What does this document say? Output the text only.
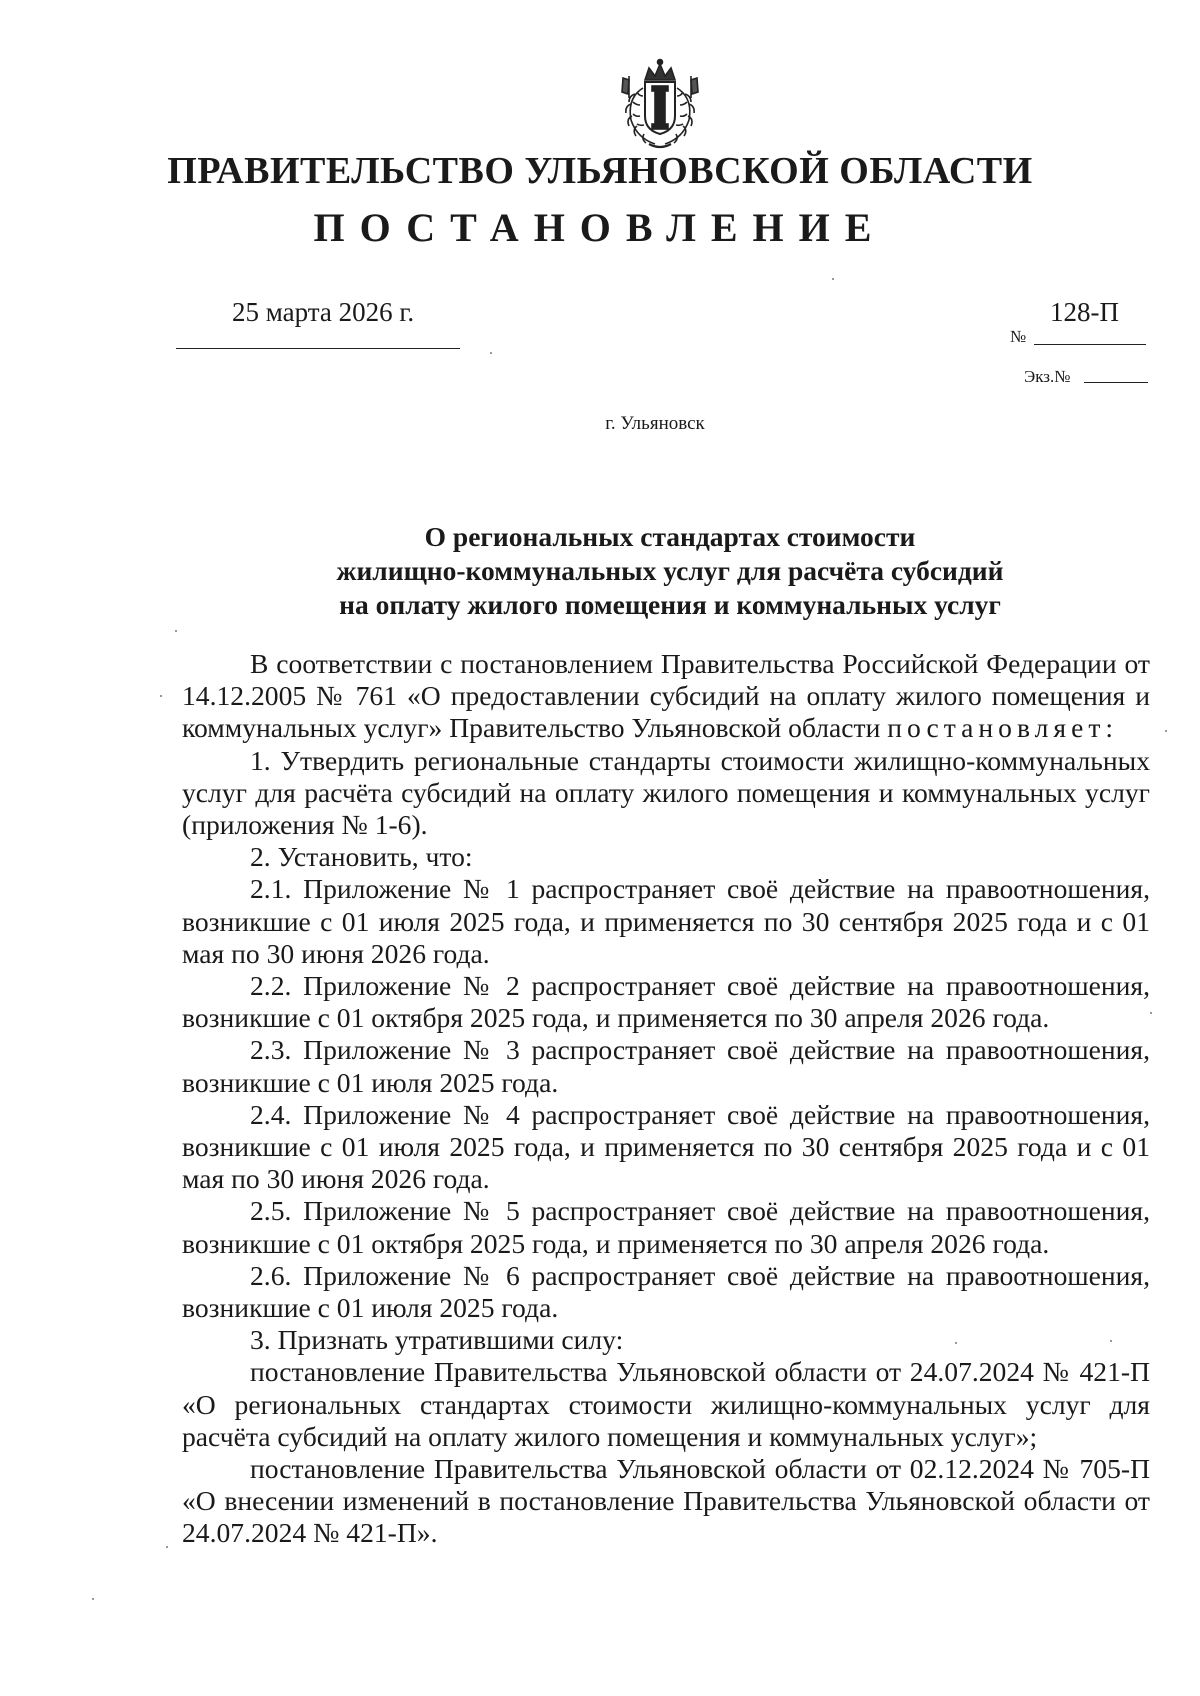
ПРАВИТЕЛЬСТВО УЛЬЯНОВСКОЙ ОБЛАСТИ
ПОСТАНОВЛЕНИЕ
25 марта 2026 г.	128-П
№
Экз.№
г. Ульяновск
О региональных стандартах стоимости
жилищно-коммунальных услуг для расчёта субсидий
на оплату жилого помещения и коммунальных услуг

В соответствии с постановлением Правительства Российской Федерации от 14.12.2005 № 761 «О предоставлении субсидий на оплату жилого помещения и коммунальных услуг» Правительство Ульяновской области постановляет:

1. Утвердить региональные стандарты стоимости жилищно-коммунальных услуг для расчёта субсидий на оплату жилого помещения и коммунальных услуг (приложения № 1-6).

2. Установить, что:

2.1. Приложение № 1 распространяет своё действие на правоотношения, возникшие с 01 июля 2025 года, и применяется по 30 сентября 2025 года и с 01 мая по 30 июня 2026 года.

2.2. Приложение № 2 распространяет своё действие на правоотношения, возникшие с 01 октября 2025 года, и применяется по 30 апреля 2026 года.

2.3. Приложение № 3 распространяет своё действие на правоотношения, возникшие с 01 июля 2025 года.

2.4. Приложение № 4 распространяет своё действие на правоотношения, возникшие с 01 июля 2025 года, и применяется по 30 сентября 2025 года и с 01 мая по 30 июня 2026 года.

2.5. Приложение № 5 распространяет своё действие на правоотношения, возникшие с 01 октября 2025 года, и применяется по 30 апреля 2026 года.

2.6. Приложение № 6 распространяет своё действие на правоотношения, возникшие с 01 июля 2025 года.

3. Признать утратившими силу:

постановление Правительства Ульяновской области от 24.07.2024 № 421-П «О региональных стандартах стоимости жилищно-коммунальных услуг для расчёта субсидий на оплату жилого помещения и коммунальных услуг»;

постановление Правительства Ульяновской области от 02.12.2024 № 705-П «О внесении изменений в постановление Правительства Ульяновской области от 24.07.2024 № 421-П».
